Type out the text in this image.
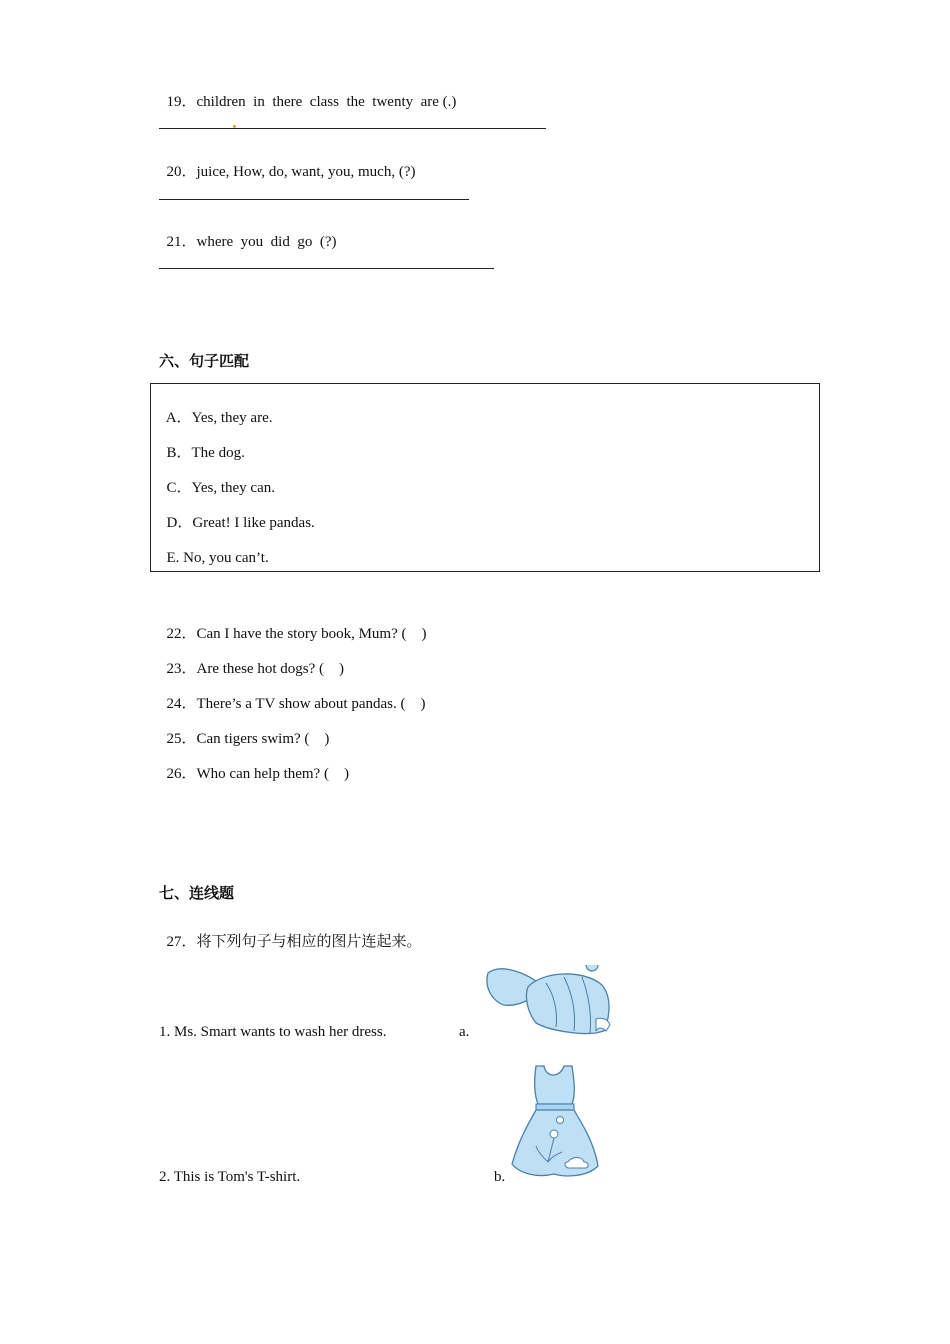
19．children  in  there  class  the  twenty  are (.)

20．juice, How, do, want, you, much, (?)

21．where  you  did  go  (?)

六、句子匹配

A．Yes, they are.

B．The dog.

C．Yes, they can.

D．Great! I like pandas.

E. No, you can’t.

22．Can I have the story book, Mum? (    )

23．Are these hot dogs? (    )

24．There’s a TV show about pandas. (    )

25．Can tigers swim? (    )

26．Who can help them? (    )

七、连线题

27．将下列句子与相应的图片连起来。

1. Ms. Smart wants to wash her dress.	a.
2. This is Tom's T-shirt.	b.
